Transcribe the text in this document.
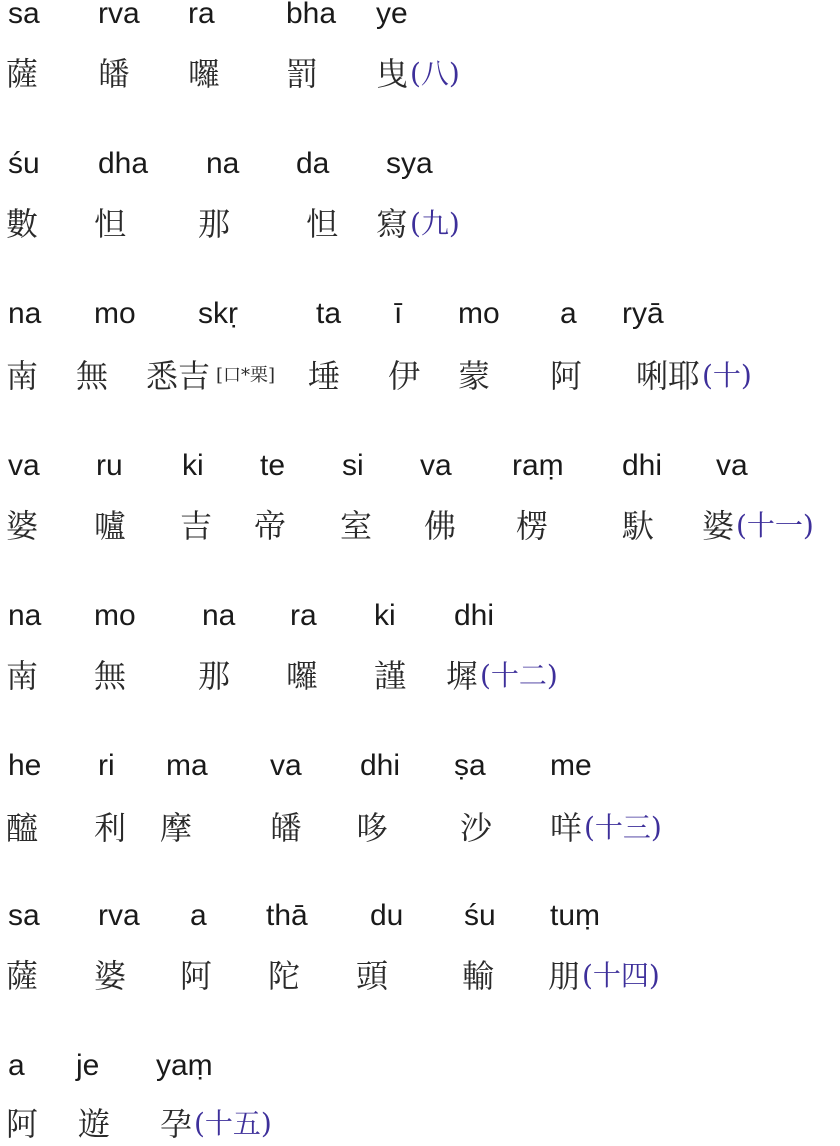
sa rva ra bha ye
薩 皤 囉 罰 曳 (八)
śu dha na da sya
數 怛 那 怛 寫 (九)
na mo skṛ	ta ī mo a ryā
南 無 悉吉 [口*栗] 埵 伊 蒙 阿 唎耶 (十)
va ru ki te si va raṃ dhi va
婆 嚧 吉 帝 室 佛 楞 馱 婆 (十一)
na mo na ra ki dhi
南 無 那 囉 謹 墀 (十二)
he ri ma va dhi ṣa me
醯 利 摩 皤 哆 沙 咩 (十三)
sa rva a thā du śu tuṃ
薩 婆 阿 陀 頭 輸 朋 (十四)
a je yaṃ
阿 遊 孕 (十五)
